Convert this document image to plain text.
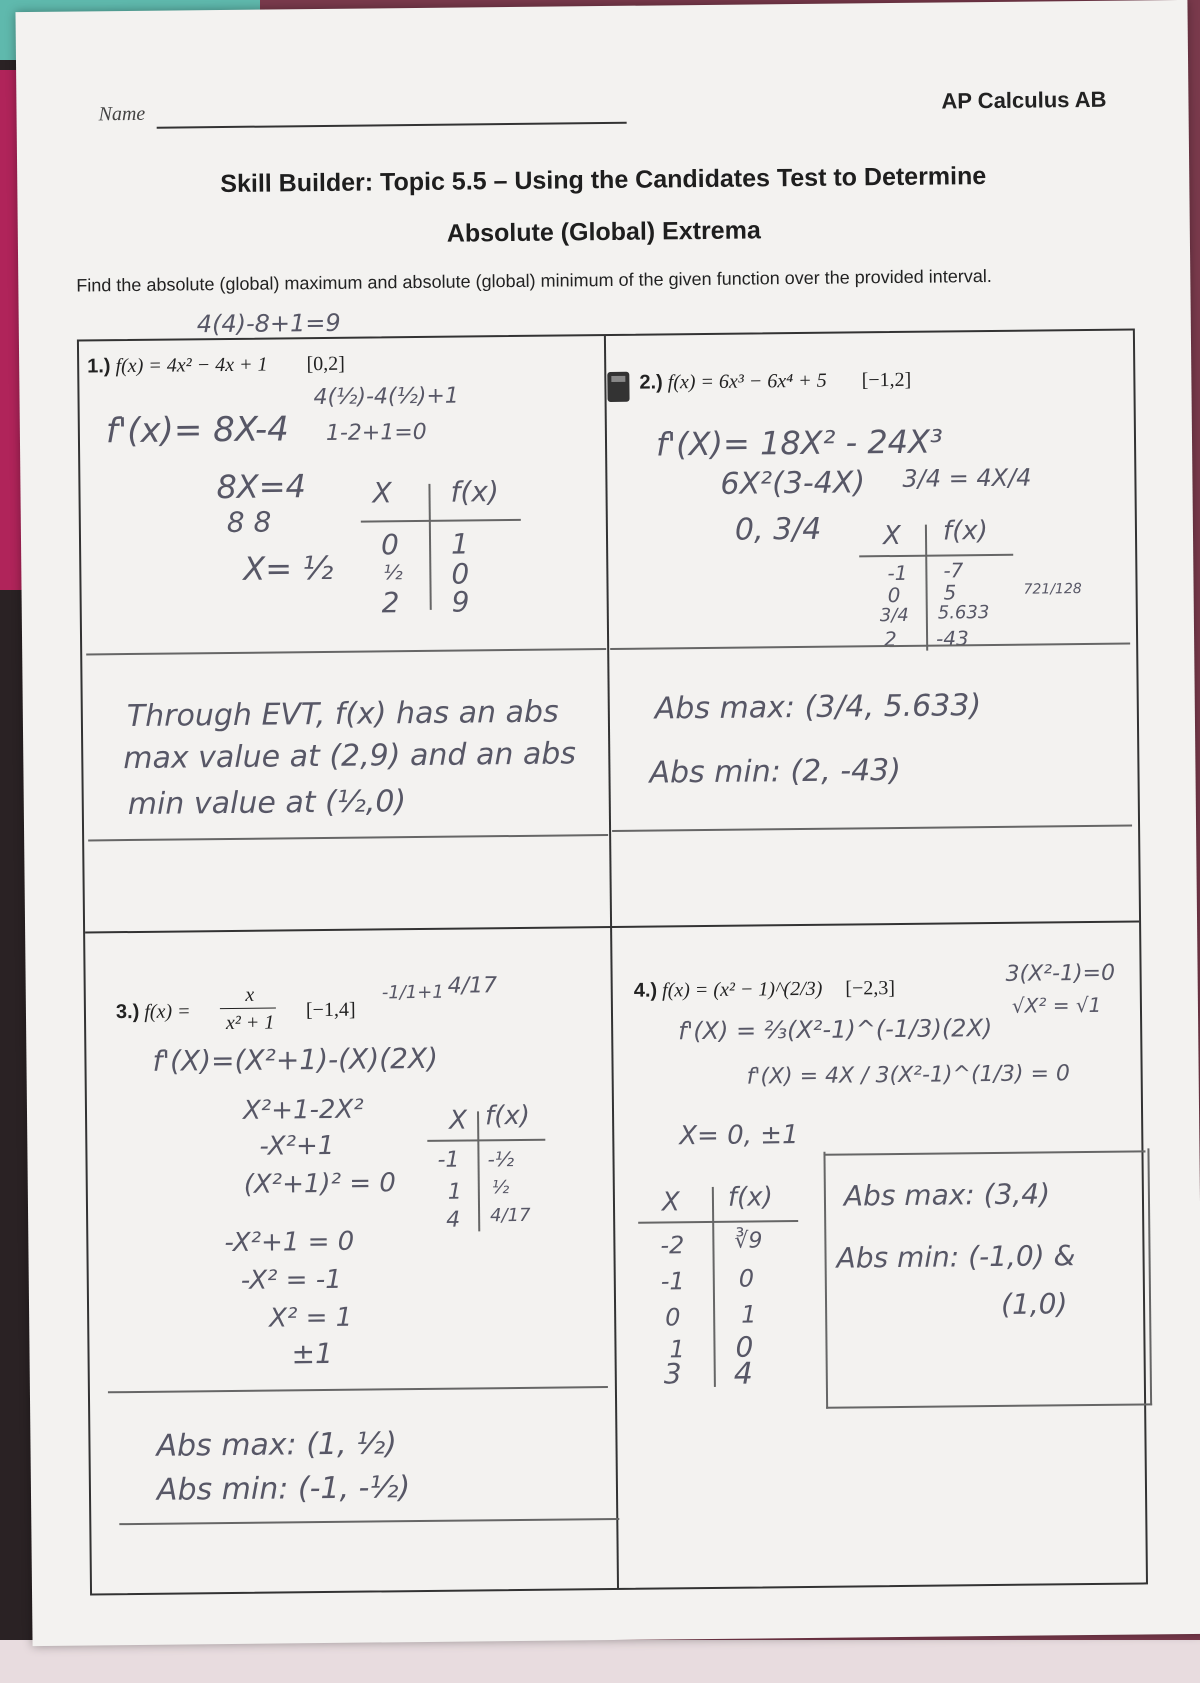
Name
AP Calculus AB
Skill Builder: Topic 5.5 – Using the Candidates Test to Determine
Absolute (Global) Extrema
Find the absolute (global) maximum and absolute (global) minimum of the given function over the provided interval.
4(4)-8+1=9
1.) f(x) = 4x² − 4x + 1 [0,2]
f'(x)= 8X-4
4(½)-4(½)+1
1-2+1=0
8X=4
8 8
X= ½
X f(x)
0
½
2
1
0
9
Through EVT, f(x) has an abs
max value at (2,9) and an abs
min value at (½,0)
2.) f(x) = 6x³ − 6x⁴ + 5 [−1,2]
f'(X)= 18X² - 24X³
6X²(3-4X) 3/4 = 4X/4
0, 3/4 X f(x)
-1
0
3/4
2
-7
5
5.633
-43
721/128
Abs max: (3/4, 5.633)
Abs min: (2, -43)
3.) f(x) =
x
x² + 1
[−1,4]
-1/1+1 4/17
f'(X)=(X²+1)-(X)(2X)
X²+1-2X²
-X²+1
(X²+1)² = 0
-X²+1 = 0
-X² = -1
X² = 1
±1
X f(x)
-1
1
4
-½
½
4/17
Abs max: (1, ½)
Abs min: (-1, -½)
4.) f(x) = (x² − 1)^(2/3) [−2,3]
3(X²-1)=0
√X² = √1
f'(X) = ⅔(X²-1)^(-1/3)(2X)
f'(X) = 4X / 3(X²-1)^(1/3) = 0
X= 0, ±1
X f(x)
-2
-1
0
1
3
∛9
0
1
0
4
Abs max: (3,4)
Abs min: (-1,0) &
(1,0)
